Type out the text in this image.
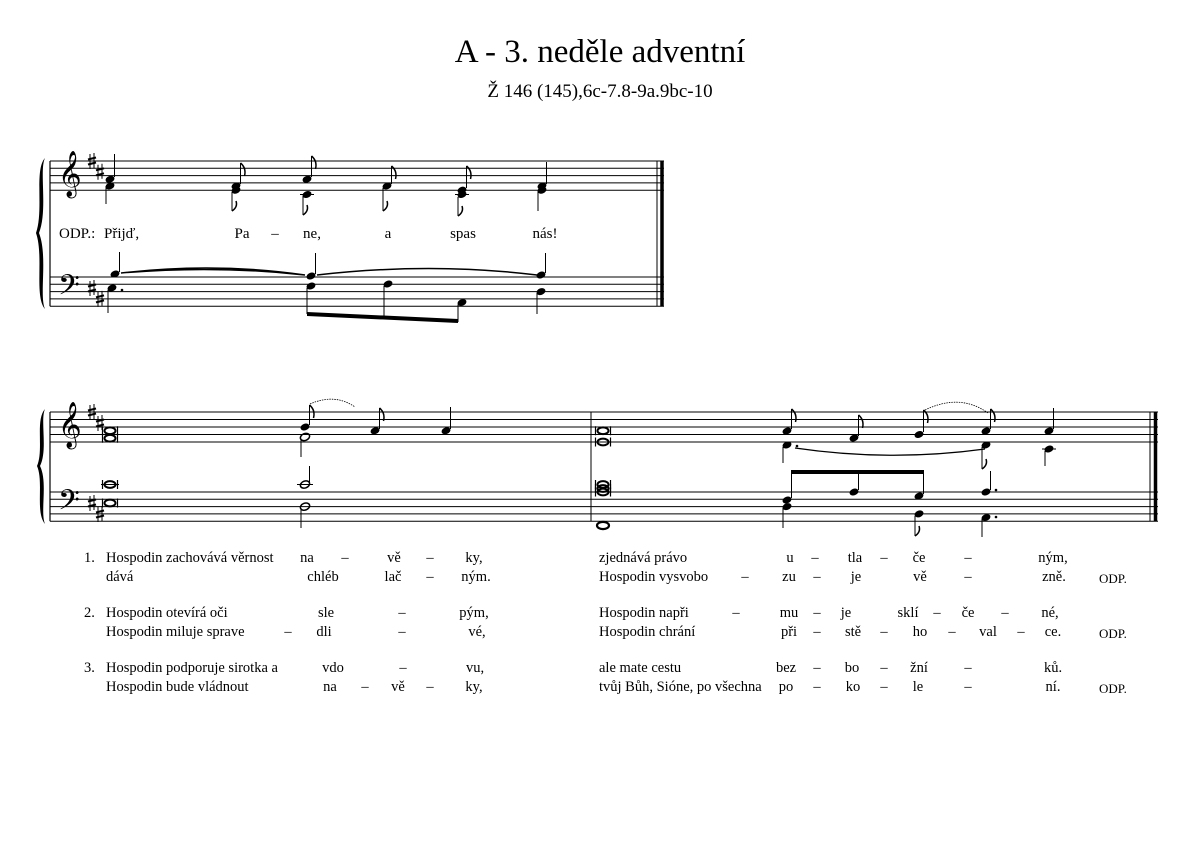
A - 3. neděle adventní
Ž 146 (145),6c-7.8-9a.9bc-10
𝄞
𝄢
𝄞
𝄢
ODP.: Přijď,	Pa – ne,	a	spas	nás!
1. Hospodin zachovává věrnost na –	vě – ky,	zjednává právo	u – tla – če	–	ným,
dává	chléb	lač – ným.	Hospodin vysvobo – zu – je	vě	–	zně.	ODP.
2. Hospodin otevírá oči	sle	–	pým,	Hospodin napři	–	mu – je	sklí – če – né,
Hospodin miluje sprave	– dli	–	vé,	Hospodin chrání	při – stě – ho – val – ce.	ODP.
3. Hospodin podporuje sirotka a	vdo	–	vu,	ale mate cestu	bez – bo – žní	–	ků.
Hospodin bude vládnout	na – vě – ky,	tvůj Bůh, Sióne, po všechna po – ko – le	–	ní.	ODP.
